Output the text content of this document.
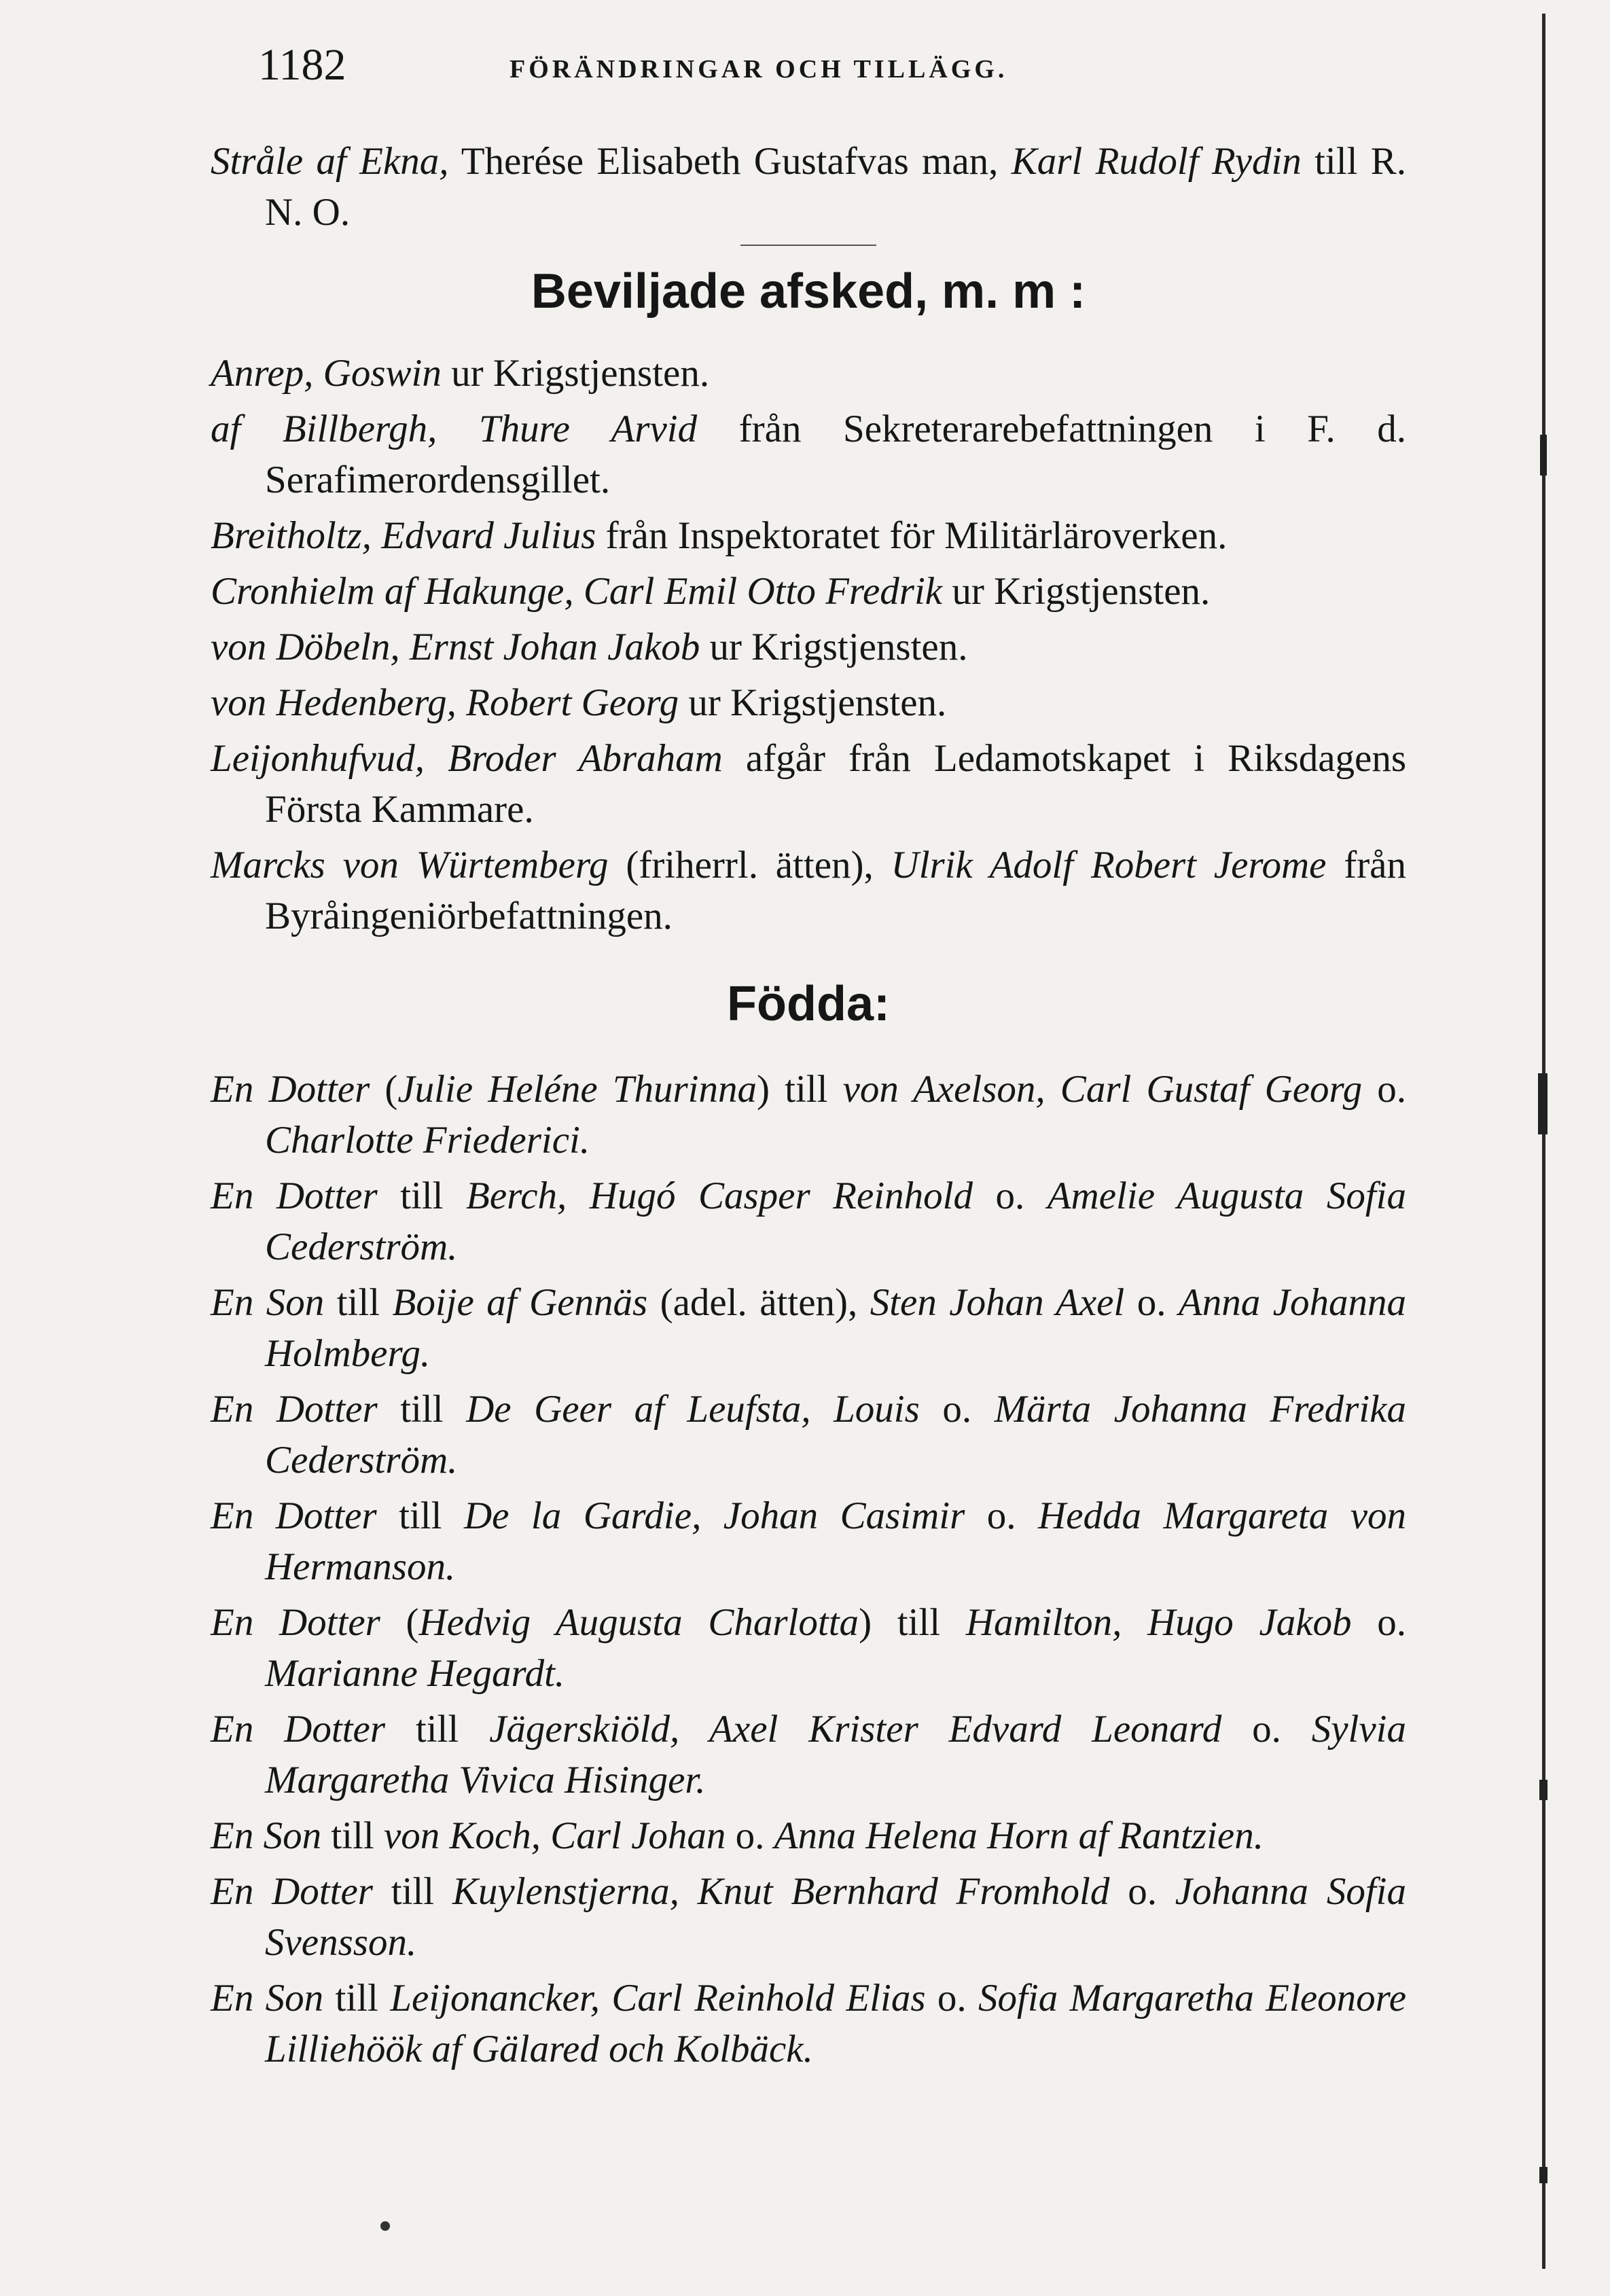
1182	FÖRÄNDRINGAR OCH TILLÄGG.

Stråle af Ekna, Therése Elisabeth Gustafvas man, Karl Rudolf Rydin till R. N. O.

Beviljade afsked, m. m :

Anrep, Goswin ur Krigstjensten.

af Billbergh, Thure Arvid från Sekreterarebefattningen i F. d. Serafimerordensgillet.

Breitholtz, Edvard Julius från Inspektoratet för Militärläroverken.

Cronhielm af Hakunge, Carl Emil Otto Fredrik ur Krigstjensten.

von Döbeln, Ernst Johan Jakob ur Krigstjensten.

von Hedenberg, Robert Georg ur Krigstjensten.

Leijonhufvud, Broder Abraham afgår från Ledamotskapet i Riksdagens Första Kammare.

Marcks von Würtemberg (friherrl. ätten), Ulrik Adolf Robert Jerome från Byråingeniörbefattningen.

Födda:

En Dotter (Julie Heléne Thurinna) till von Axelson, Carl Gustaf Georg o. Charlotte Friederici.

En Dotter till Berch, Hugó Casper Reinhold o. Amelie Augusta Sofia Cederström.

En Son till Boije af Gennäs (adel. ätten), Sten Johan Axel o. Anna Johanna Holmberg.

En Dotter till De Geer af Leufsta, Louis o. Märta Johanna Fredrika Cederström.

En Dotter till De la Gardie, Johan Casimir o. Hedda Margareta von Hermanson.

En Dotter (Hedvig Augusta Charlotta) till Hamilton, Hugo Jakob o. Marianne Hegardt.

En Dotter till Jägerskiöld, Axel Krister Edvard Leonard o. Sylvia Margaretha Vivica Hisinger.

En Son till von Koch, Carl Johan o. Anna Helena Horn af Rantzien.

En Dotter till Kuylenstjerna, Knut Bernhard Fromhold o. Johanna Sofia Svensson.

En Son till Leijonancker, Carl Reinhold Elias o. Sofia Margaretha Eleonore Lilliehöök af Gälared och Kolbäck.
